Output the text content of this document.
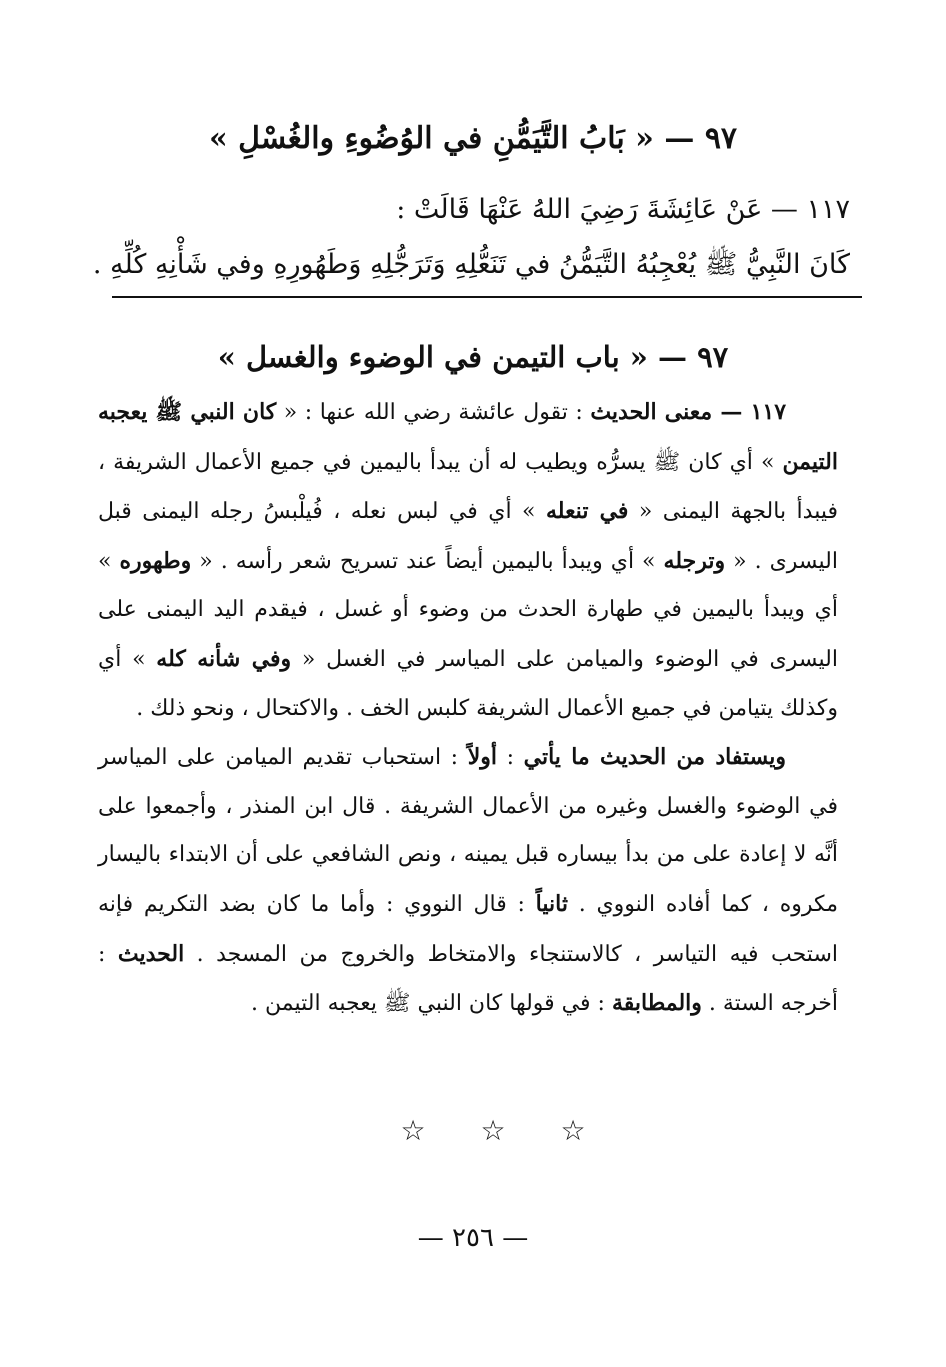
٩٧ — « بَابُ التَّيَمُّنِ في الوُضُوءِ والغُسْلِ »
١١٧ — عَنْ عَائِشَةَ رَضِيَ اللهُ عَنْهَا قَالَتْ :
كَانَ النَّبِيُّ ﷺ يُعْجِبُهُ التَّيَمُّنُ في تَنَعُّلِهِ وَتَرَجُّلِهِ وَطَهُورِهِ وفي شَأْنِهِ كُلِّهِ .
٩٧ — « باب التيمن في الوضوء والغسل »

١١٧ — معنى الحديث : تقول عائشة رضي الله عنها : « كان النبي ﷺ يعجبه التيمن » أي كان ﷺ يسرُّه ويطيب له أن يبدأ باليمين في جميع الأعمال الشريفة ، فيبدأ بالجهة اليمنى « في تنعله » أي في لبس نعله ، فُيلْبسُ رجله اليمنى قبل اليسرى . « وترجله » أي ويبدأ باليمين أيضاً عند تسريح شعر رأسه . « وطهوره » أي ويبدأ باليمين في طهارة الحدث من وضوء أو غسل ، فيقدم اليد اليمنى على اليسرى في الوضوء والميامن على المياسر في الغسل « وفي شأنه كله » أي وكذلك يتيامن في جميع الأعمال الشريفة كلبس الخف . والاكتحال ، ونحو ذلك .

ويستفاد من الحديث ما يأتي : أولاً : استحباب تقديم الميامن على المياسر في الوضوء والغسل وغيره من الأعمال الشريفة . قال ابن المنذر ، وأجمعوا على أنَّه لا إعادة على من بدأ بيساره قبل يمينه ، ونص الشافعي على أن الابتداء باليسار مكروه ، كما أفاده النووي . ثانياً : قال النووي : وأما ما كان بضد التكريم فإنه استحب فيه التياسر ، كالاستنجاء والامتخاط والخروج من المسجد . الحديث : أخرجه الستة . والمطابقة : في قولها كان النبي ﷺ يعجبه التيمن .

☆
☆
☆
— ٢٥٦ —
